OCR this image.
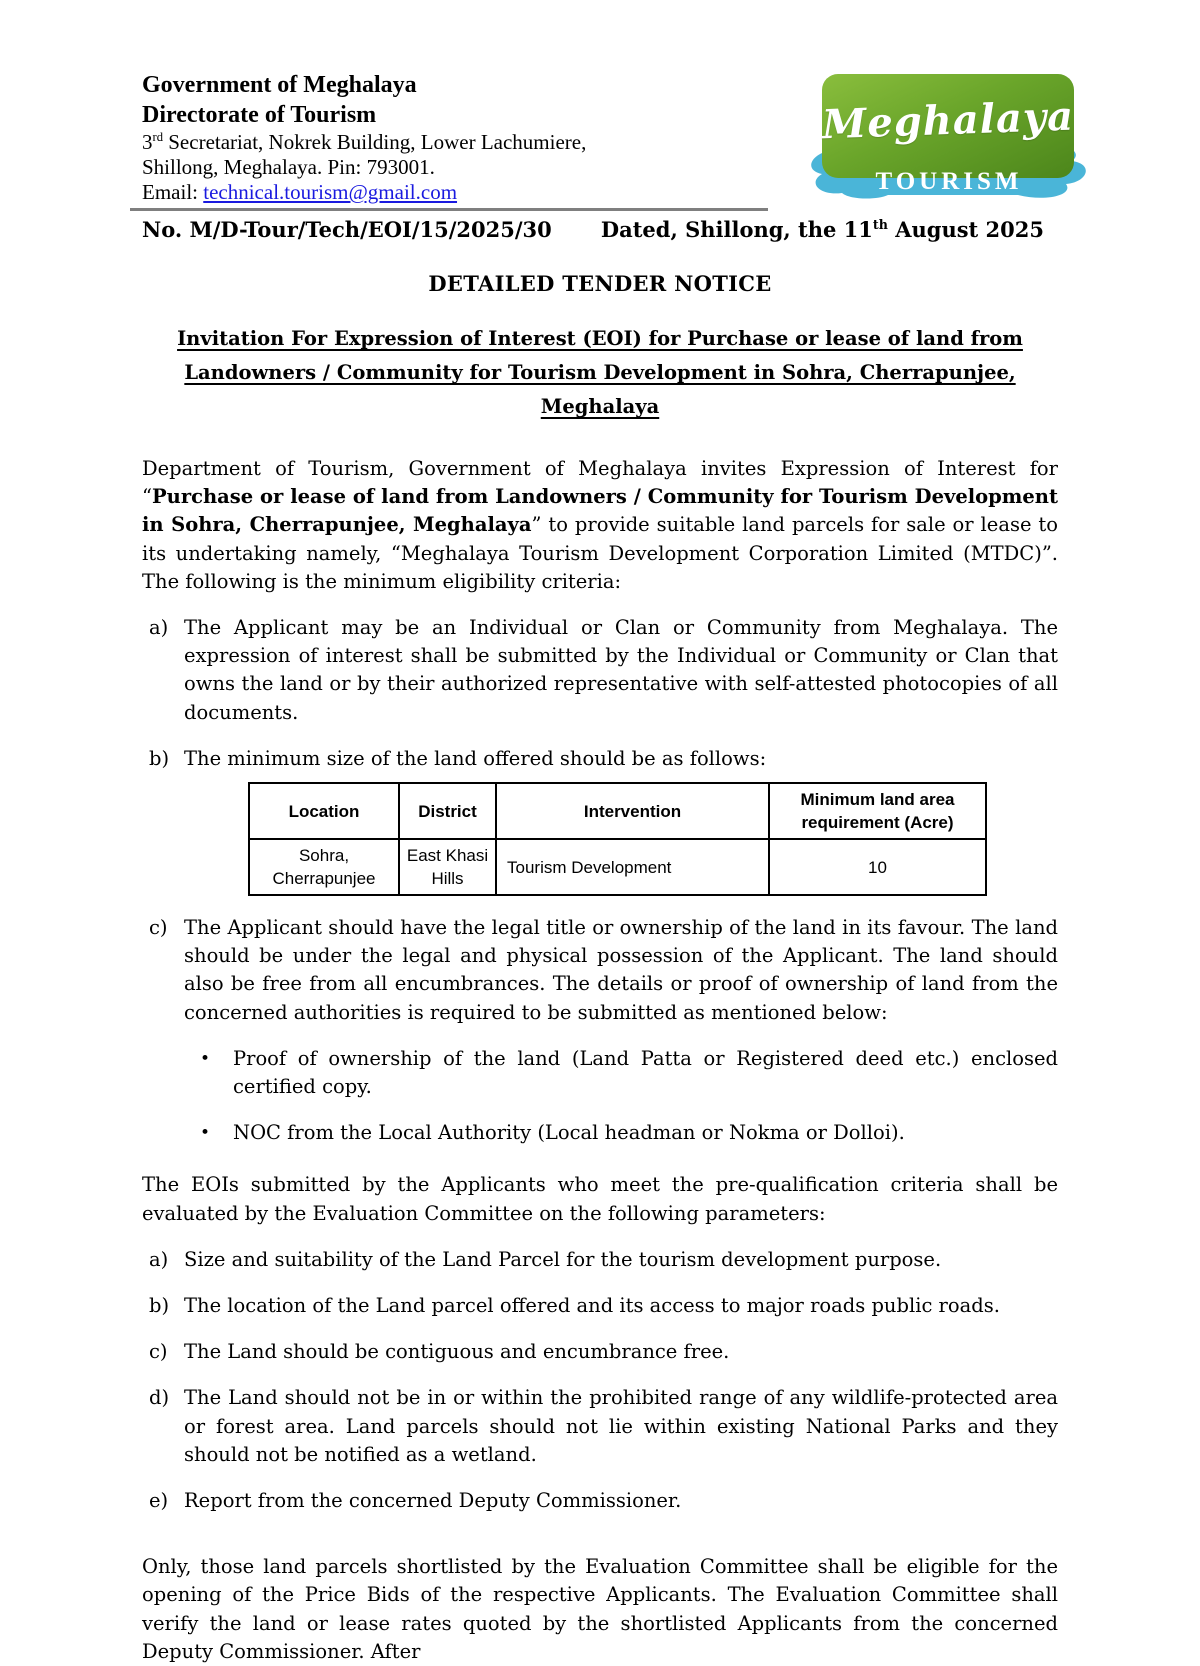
Government of Meghalaya
Directorate of Tourism
3rd Secretariat, Nokrek Building, Lower Lachumiere,
Shillong, Meghalaya. Pin: 793001.
Email: technical.tourism@gmail.com
Meghalaya
TOURISM
No. M/D-Tour/Tech/EOI/15/2025/30 Dated, Shillong, the 11th August 2025
DETAILED TENDER NOTICE
Invitation For Expression of Interest (EOI) for Purchase or lease of land from Landowners / Community for Tourism Development in Sohra, Cherrapunjee, Meghalaya
Department of Tourism, Government of Meghalaya invites Expression of Interest for “Purchase or lease of land from Landowners / Community for Tourism Development in Sohra, Cherrapunjee, Meghalaya” to provide suitable land parcels for sale or lease to its undertaking namely, “Meghalaya Tourism Development Corporation Limited (MTDC)”. The following is the minimum eligibility criteria:
a) The Applicant may be an Individual or Clan or Community from Meghalaya. The expression of interest shall be submitted by the Individual or Community or Clan that owns the land or by their authorized representative with self-attested photocopies of all documents.
b) The minimum size of the land offered should be as follows:
Location	District	Intervention	Minimum land area requirement (Acre)
Sohra, Cherrapunjee	East Khasi Hills	Tourism Development	10
c) The Applicant should have the legal title or ownership of the land in its favour. The land should be under the legal and physical possession of the Applicant. The land should also be free from all encumbrances. The details or proof of ownership of land from the concerned authorities is required to be submitted as mentioned below:
•	Proof of ownership of the land (Land Patta or Registered deed etc.) enclosed certified copy.
•	NOC from the Local Authority (Local headman or Nokma or Dolloi).
The EOIs submitted by the Applicants who meet the pre-qualification criteria shall be evaluated by the Evaluation Committee on the following parameters:
a) Size and suitability of the Land Parcel for the tourism development purpose.
b) The location of the Land parcel offered and its access to major roads public roads.
c) The Land should be contiguous and encumbrance free.
d) The Land should not be in or within the prohibited range of any wildlife-protected area or forest area. Land parcels should not lie within existing National Parks and they should not be notified as a wetland.
e) Report from the concerned Deputy Commissioner.
Only, those land parcels shortlisted by the Evaluation Committee shall be eligible for the opening of the Price Bids of the respective Applicants. The Evaluation Committee shall verify the land or lease rates quoted by the shortlisted Applicants from the concerned Deputy Commissioner. After
